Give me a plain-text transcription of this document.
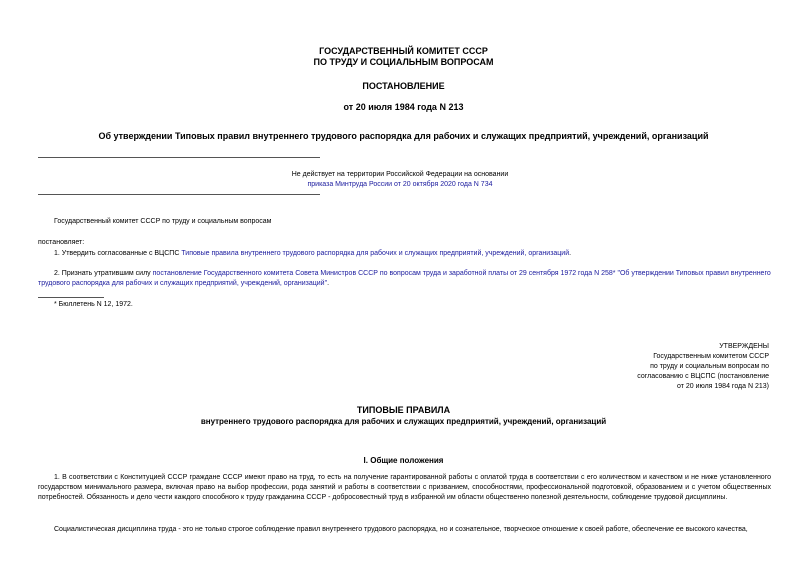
ГОСУДАРСТВЕННЫЙ КОМИТЕТ СССР
ПО ТРУДУ И СОЦИАЛЬНЫМ ВОПРОСАМ
ПОСТАНОВЛЕНИЕ
от 20 июля 1984 года N 213
Об утверждении Типовых правил внутреннего трудового распорядка для рабочих и служащих предприятий, учреждений, организаций
Не действует на территории Российской Федерации на основании
приказа Минтруда России от 20 октября 2020 года N 734
Государственный комитет СССР по труду и социальным вопросам
постановляет:
1. Утвердить согласованные с ВЦСПС Типовые правила внутреннего трудового распорядка для рабочих и служащих предприятий, учреждений, организаций.
2. Признать утратившим силу постановление Государственного комитета Совета Министров СССР по вопросам труда и заработной платы от 29 сентября 1972 года N 258* "Об утверждении Типовых правил внутреннего трудового распорядка для рабочих и служащих предприятий, учреждений, организаций".
* Бюллетень N 12, 1972.
УТВЕРЖДЕНЫ
Государственным комитетом СССР
по труду и социальным вопросам по
согласованию с ВЦСПС (постановление
от 20 июля 1984 года N 213)
ТИПОВЫЕ ПРАВИЛА
внутреннего трудового распорядка для рабочих и служащих предприятий, учреждений, организаций
I. Общие положения
1. В соответствии с Конституцией СССР граждане СССР имеют право на труд, то есть на получение гарантированной работы с оплатой труда в соответствии с его количеством и качеством и не ниже установленного государством минимального размера, включая право на выбор профессии, рода занятий и работы в соответствии с призванием, способностями, профессиональной подготовкой, образованием и с учетом общественных потребностей. Обязанность и дело чести каждого способного к труду гражданина СССР - добросовестный труд в избранной им области общественно полезной деятельности, соблюдение трудовой дисциплины.
Социалистическая дисциплина труда - это не только строгое соблюдение правил внутреннего трудового распорядка, но и сознательное, творческое отношение к своей работе, обеспечение ее высокого качества,
